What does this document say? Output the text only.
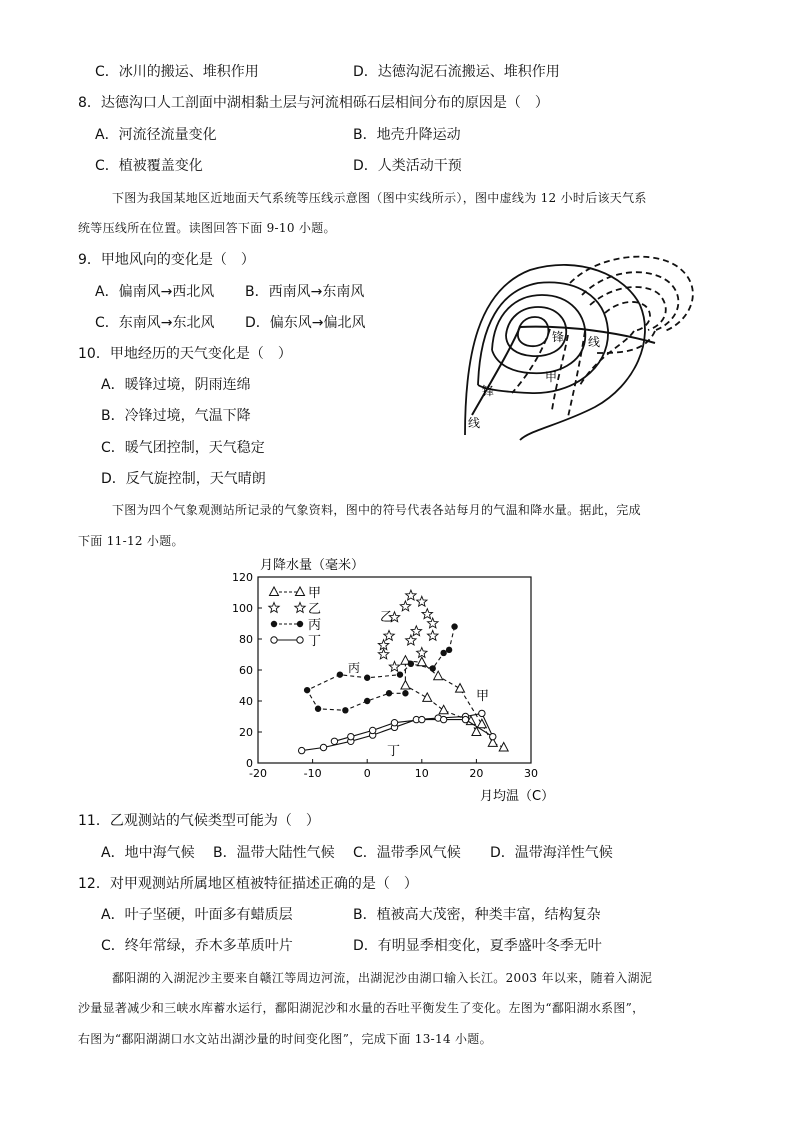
C．冰川的搬运、堆积作用	D．达德沟泥石流搬运、堆积作用
8．达德沟口人工剖面中湖相黏土层与河流相砾石层相间分布的原因是（　）
A．河流径流量变化	B．地壳升降运动
C．植被覆盖变化	D．人类活动干预
下图为我国某地区近地面天气系统等压线示意图（图中实线所示），图中虚线为 12 小时后该天气系
统等压线所在位置。读图回答下面 9-10 小题。
9．甲地风向的变化是（　）
A．偏南风→西北风 B．西南风→东南风
C．东南风→东北风 D．偏东风→偏北风
10．甲地经历的天气变化是（　）
A．暖锋过境，阴雨连绵
B．冷锋过境，气温下降
C．暖气团控制，天气稳定
D．反气旋控制，天气晴朗
锋 线
锋
线
甲
下图为四个气象观测站所记录的气象资料，图中的符号代表各站每月的气温和降水量。据此，完成
下面 11-12 小题。
月降水量（毫米）
月均温（C）
-20	-10	0	10	20	30
0
20
40
60
80
100
120
甲
乙
丙
丁
乙
丙
甲
丁
11．乙观测站的气候类型可能为（　）
A．地中海气候 B．温带大陆性气候 C．温带季风气候 D．温带海洋性气候
12．对甲观测站所属地区植被特征描述正确的是（　）
A．叶子坚硬，叶面多有蜡质层	B．植被高大茂密，种类丰富，结构复杂
C．终年常绿，乔木多革质叶片	D．有明显季相变化，夏季盛叶冬季无叶
鄱阳湖的入湖泥沙主要来自赣江等周边河流，出湖泥沙由湖口输入长江。2003 年以来，随着入湖泥
沙量显著减少和三峡水库蓄水运行，鄱阳湖泥沙和水量的吞吐平衡发生了变化。左图为“鄱阳湖水系图”，
右图为“鄱阳湖湖口水文站出湖沙量的时间变化图”，完成下面 13-14 小题。
